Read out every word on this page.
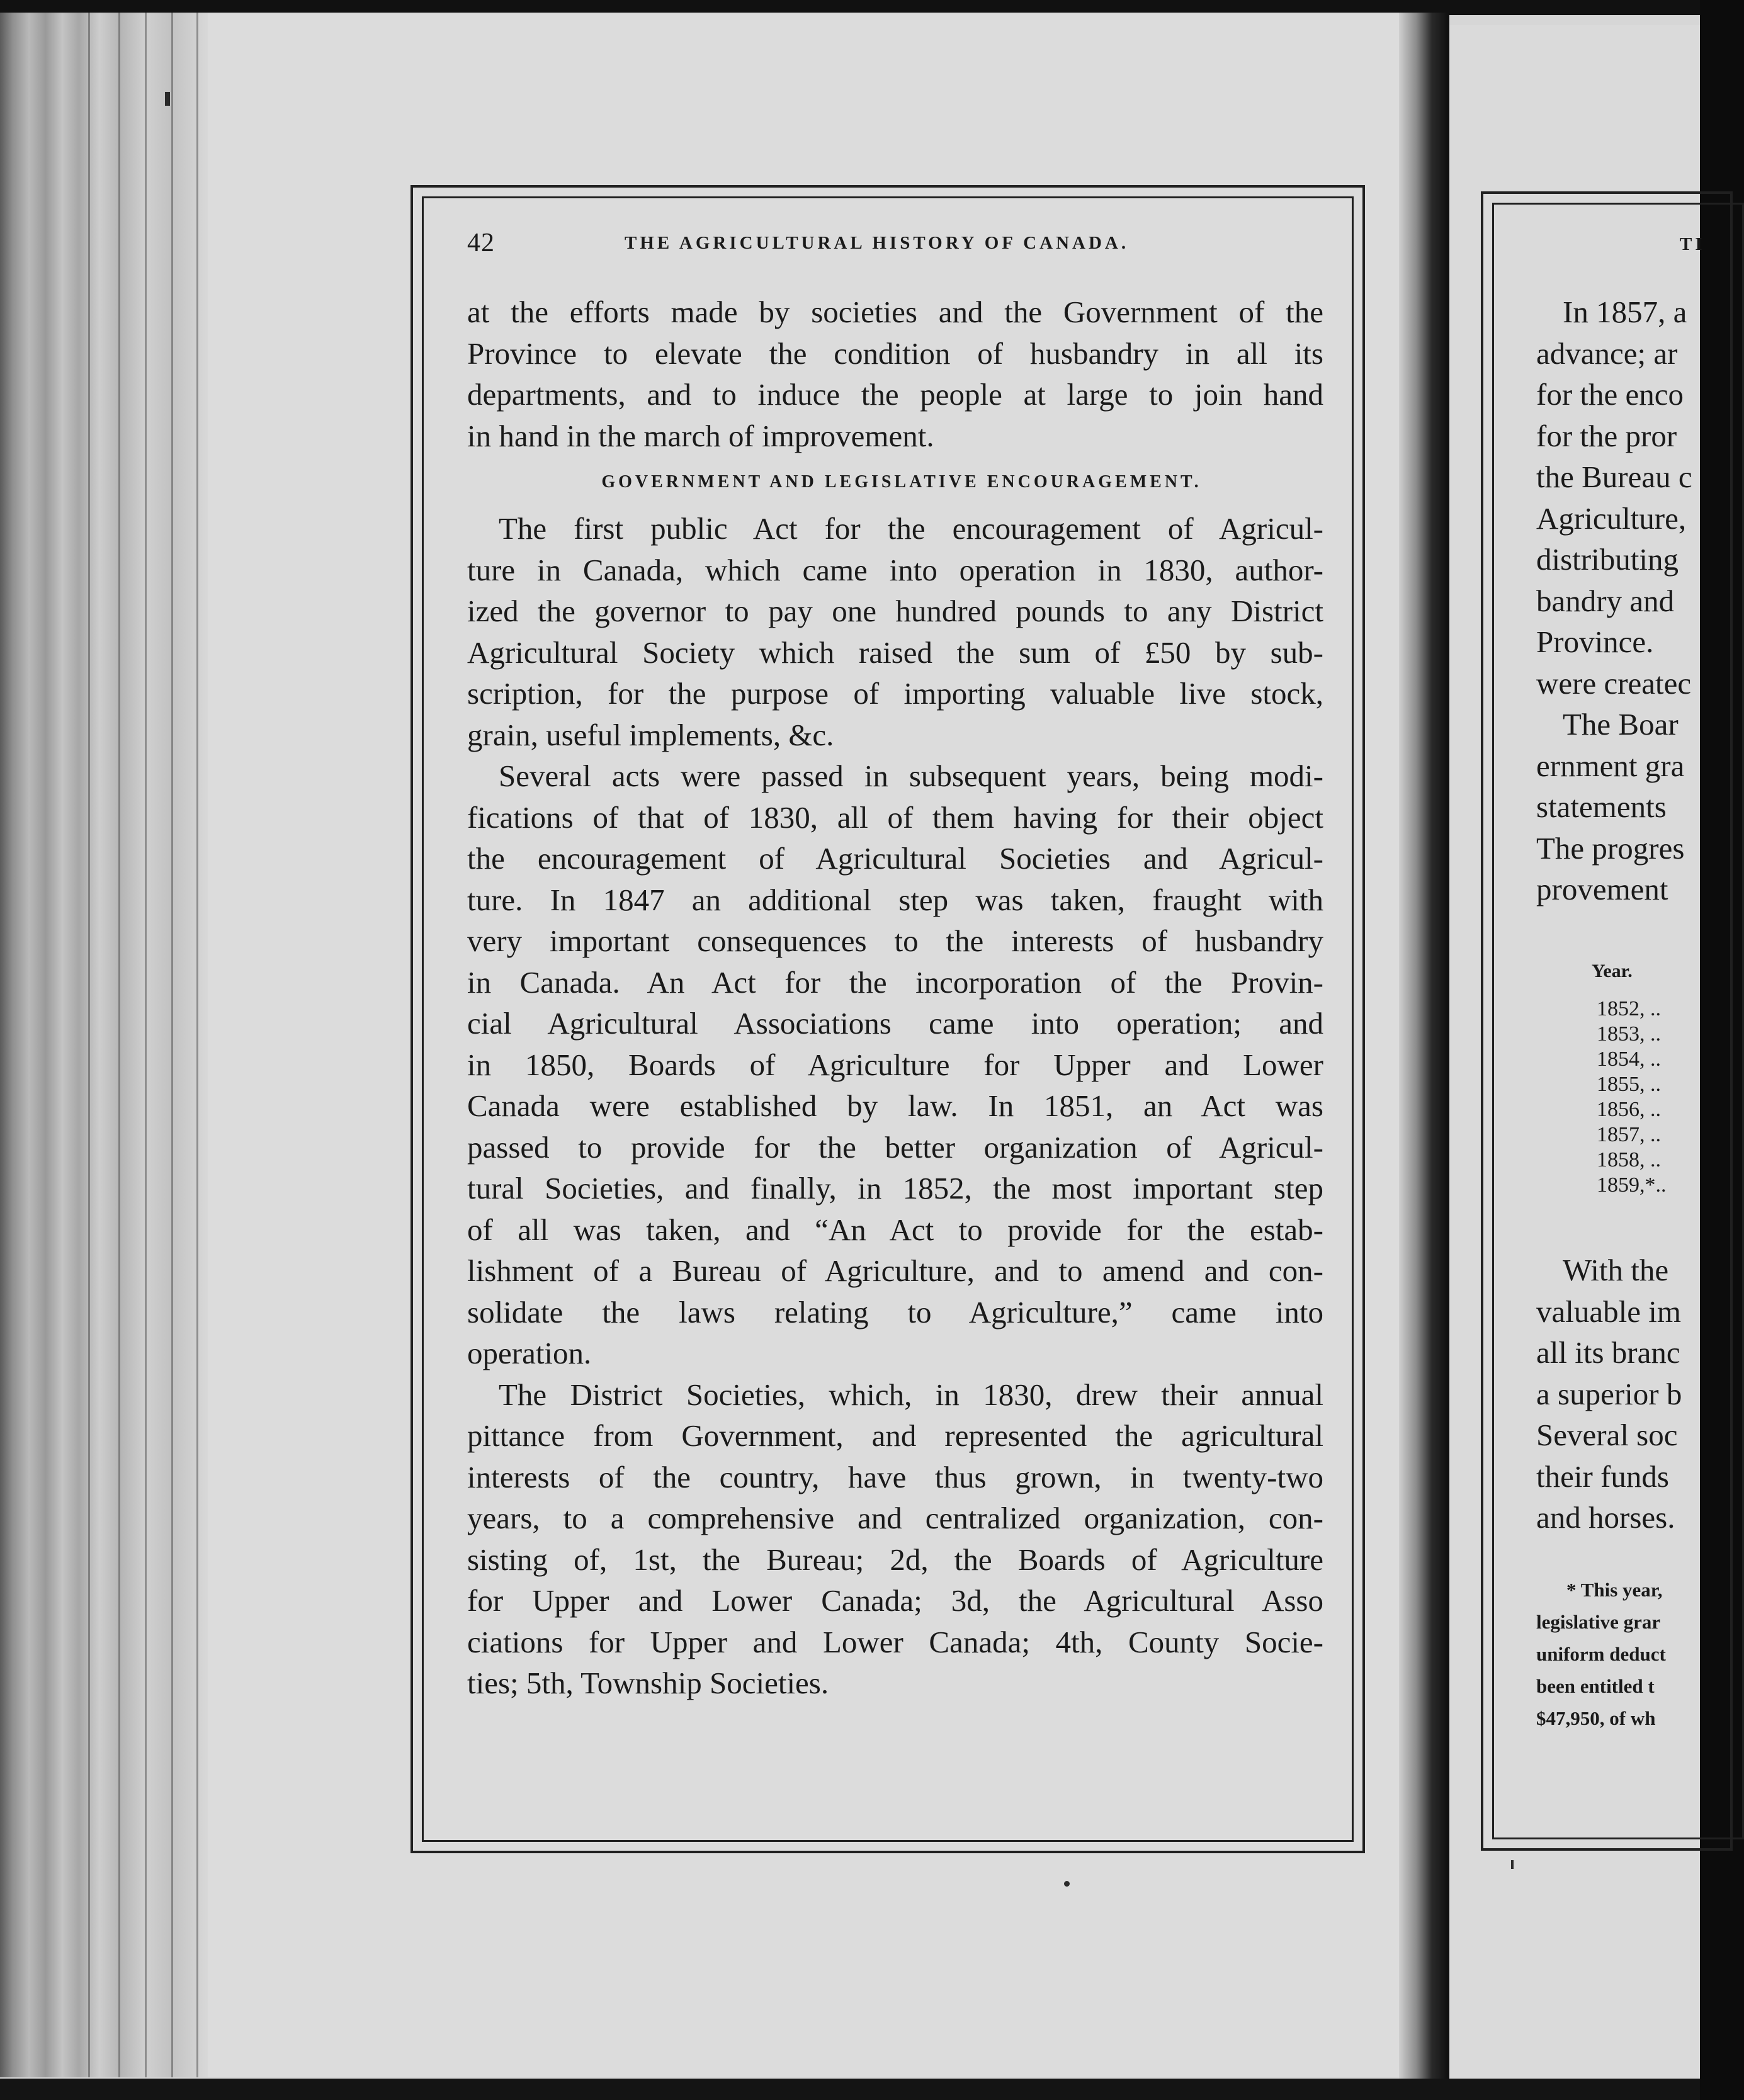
42	THE AGRICULTURAL HISTORY OF CANADA.
at the efforts made by societies and the Government of the
Province to elevate the condition of husbandry in all its
departments, and to induce the people at large to join hand
in hand in the march of improvement.
GOVERNMENT AND LEGISLATIVE ENCOURAGEMENT.
The first public Act for the encouragement of Agricul-
ture in Canada, which came into operation in 1830, author-
ized the governor to pay one hundred pounds to any District
Agricultural Society which raised the sum of £50 by sub-
scription, for the purpose of importing valuable live stock,
grain, useful implements, &c.
Several acts were passed in subsequent years, being modi-
fications of that of 1830, all of them having for their object
the encouragement of Agricultural Societies and Agricul-
ture. In 1847 an additional step was taken, fraught with
very important consequences to the interests of husbandry
in Canada. An Act for the incorporation of the Provin-
cial Agricultural Associations came into operation; and
in 1850, Boards of Agriculture for Upper and Lower
Canada were established by law. In 1851, an Act was
passed to provide for the better organization of Agricul-
tural Societies, and finally, in 1852, the most important step
of all was taken, and “An Act to provide for the estab-
lishment of a Bureau of Agriculture, and to amend and con-
solidate the laws relating to Agriculture,” came into
operation.
The District Societies, which, in 1830, drew their annual
pittance from Government, and represented the agricultural
interests of the country, have thus grown, in twenty-two
years, to a comprehensive and centralized organization, con-
sisting of, 1st, the Bureau; 2d, the Boards of Agriculture
for Upper and Lower Canada; 3d, the Agricultural Asso
ciations for Upper and Lower Canada; 4th, County Socie-
ties; 5th, Township Societies.
TI
In 1857, a
advance; ar
for the enco
for the pror
the Bureau c
Agriculture,
distributing
bandry and
Province.
were createc
The Boar
ernment gra
statements
The progres
provement
Year.
1852, ..
1853, ..
1854, ..
1855, ..
1856, ..
1857, ..
1858, ..
1859,*..
With the
valuable im
all its branc
a superior b
Several soc
their funds
and horses.
* This year,
legislative grar
uniform deduct
been entitled t
$47,950, of wh
